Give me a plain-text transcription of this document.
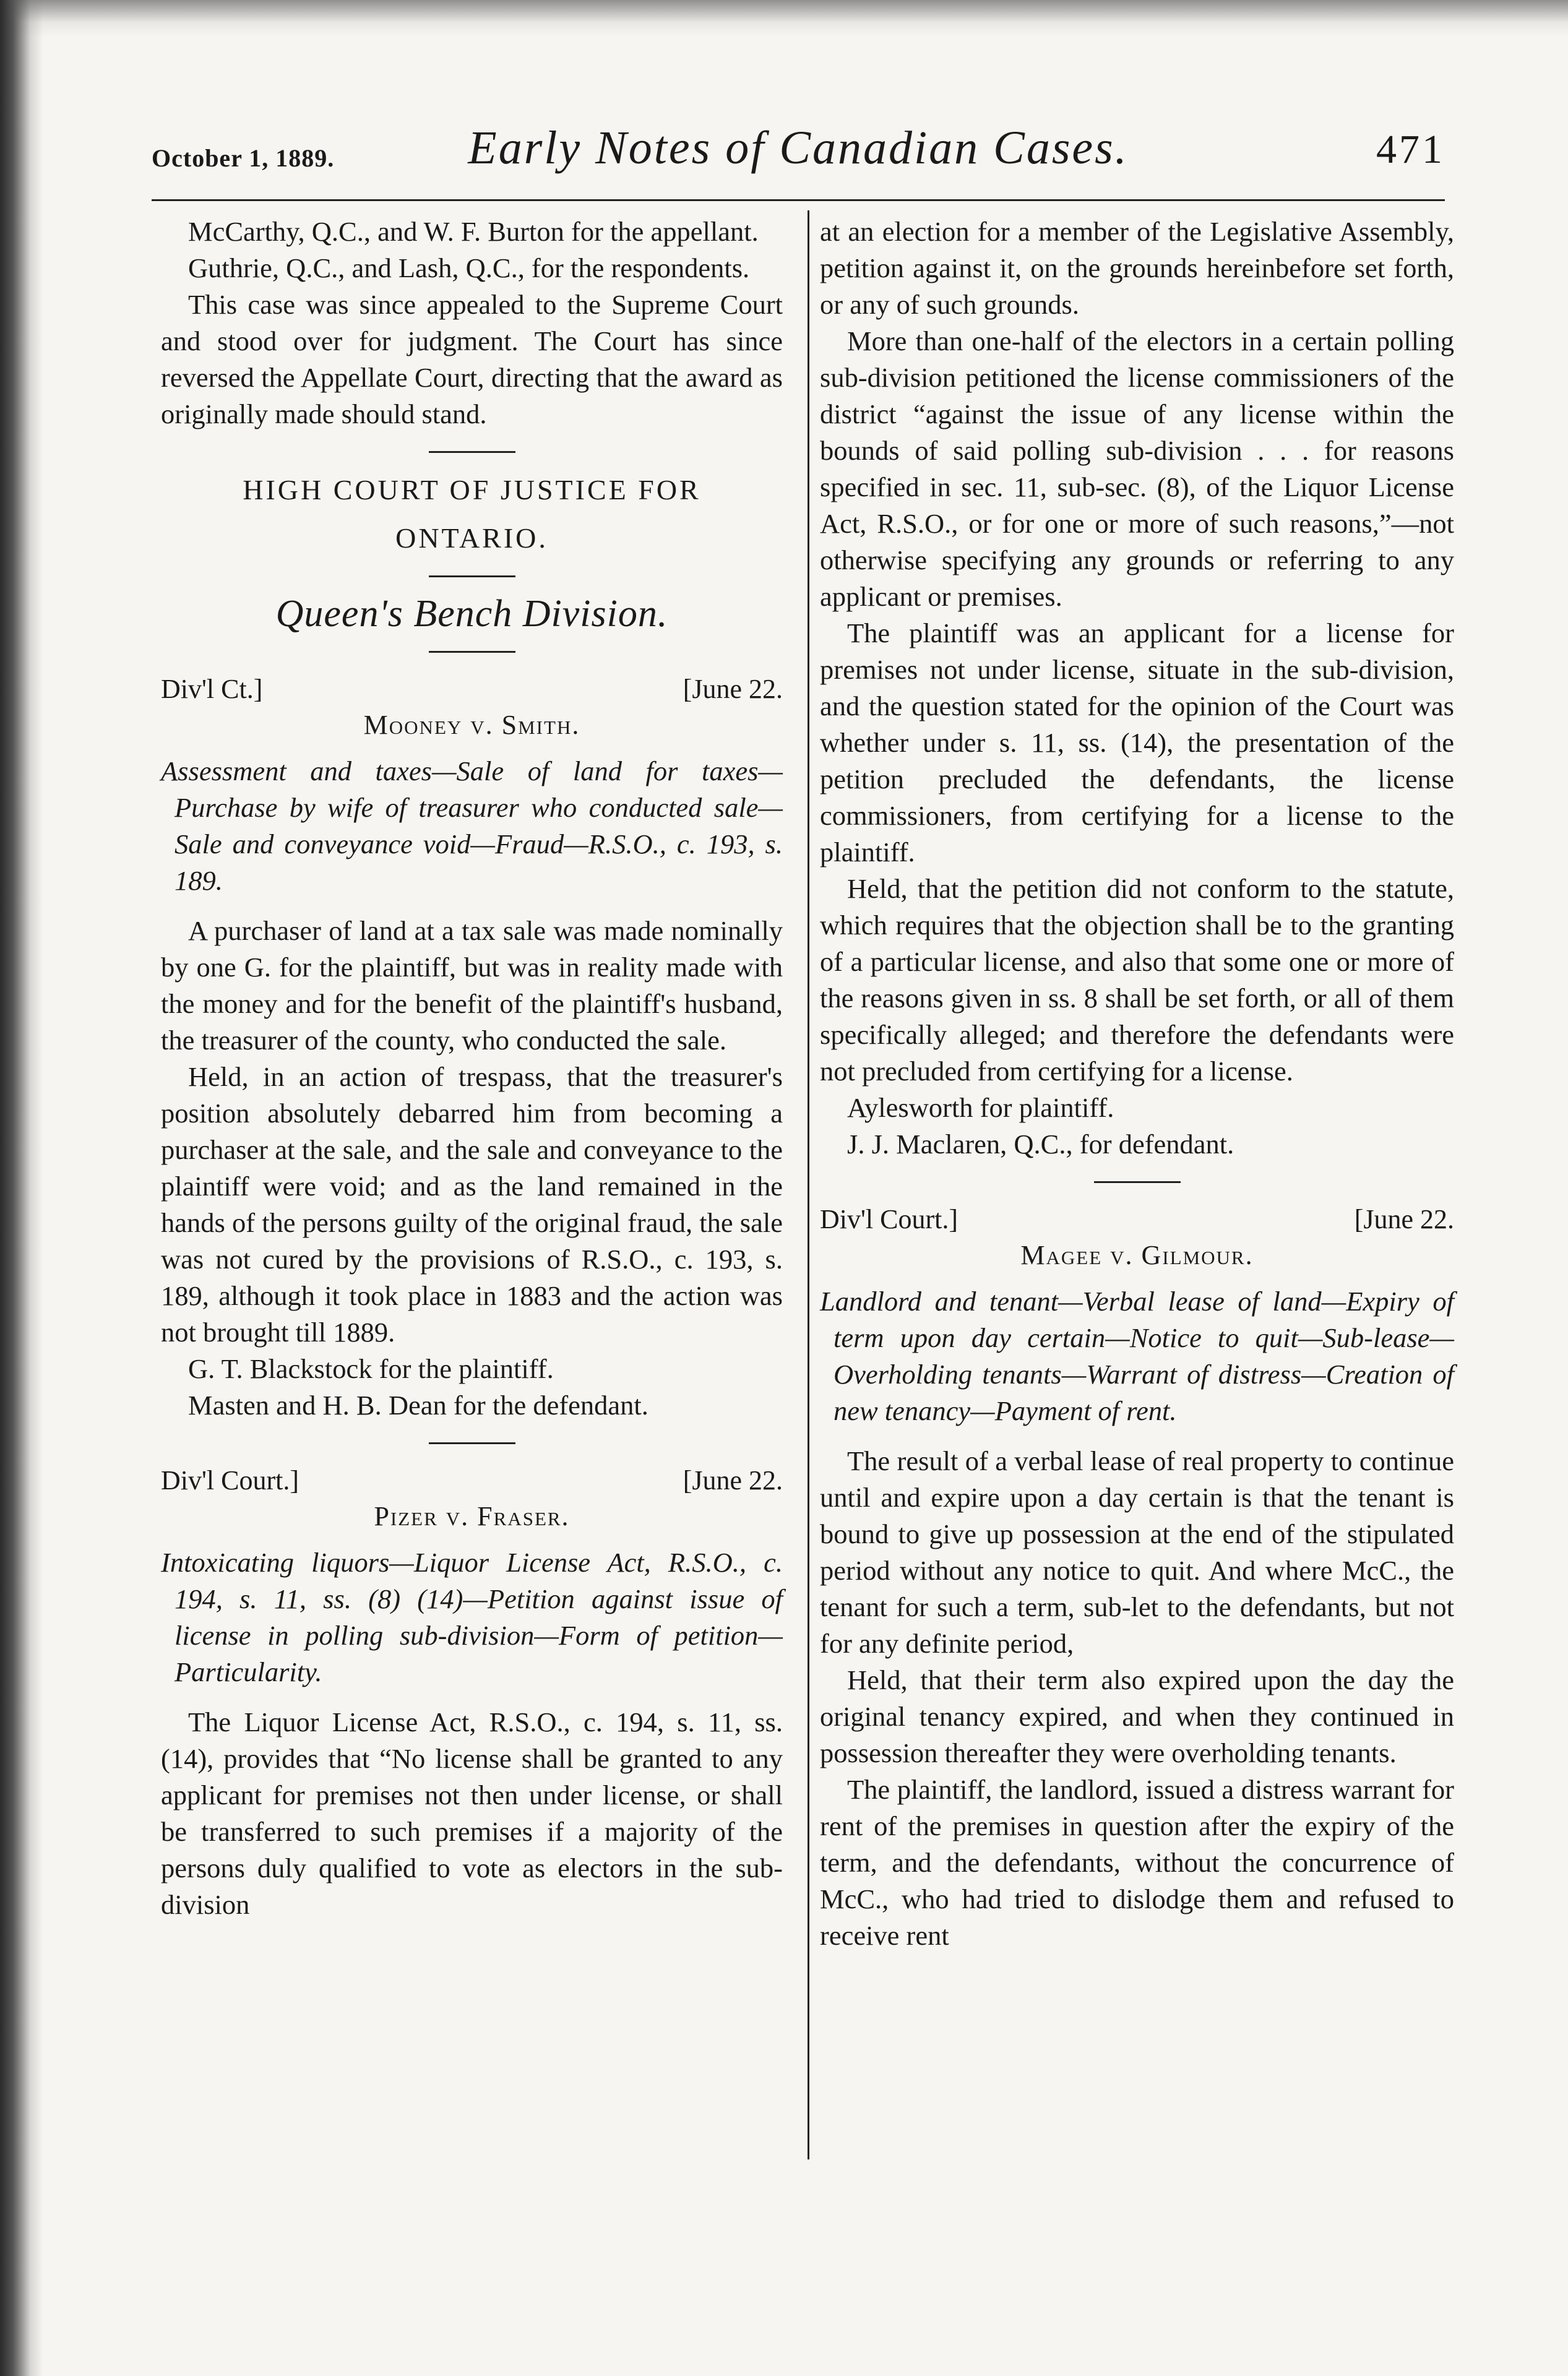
October 1, 1889.	Early Notes of Canadian Cases.	471

McCarthy, Q.C., and W. F. Burton for the appellant.

Guthrie, Q.C., and Lash, Q.C., for the respondents.

This case was since appealed to the Supreme Court and stood over for judgment. The Court has since reversed the Appellate Court, directing that the award as originally made should stand.

HIGH COURT OF JUSTICE FOR
ONTARIO.
Queen's Bench Division.
Div'l Ct.]	[June 22.
Mooney v. Smith.
Assessment and taxes—Sale of land for taxes—Purchase by wife of treasurer who conducted sale—Sale and conveyance void—Fraud—R.S.O., c. 193, s. 189.

A purchaser of land at a tax sale was made nominally by one G. for the plaintiff, but was in reality made with the money and for the benefit of the plaintiff's husband, the treasurer of the county, who conducted the sale.

Held, in an action of trespass, that the treasurer's position absolutely debarred him from becoming a purchaser at the sale, and the sale and conveyance to the plaintiff were void; and as the land remained in the hands of the persons guilty of the original fraud, the sale was not cured by the provisions of R.S.O., c. 193, s. 189, although it took place in 1883 and the action was not brought till 1889.

G. T. Blackstock for the plaintiff.

Masten and H. B. Dean for the defendant.

Div'l Court.]	[June 22.
Pizer v. Fraser.
Intoxicating liquors—Liquor License Act, R.S.O., c. 194, s. 11, ss. (8) (14)—Petition against issue of license in polling sub-division—Form of petition—Particularity.

The Liquor License Act, R.S.O., c. 194, s. 11, ss. (14), provides that “No license shall be granted to any applicant for premises not then under license, or shall be transferred to such premises if a majority of the persons duly qualified to vote as electors in the sub-division

at an election for a member of the Legislative Assembly, petition against it, on the grounds hereinbefore set forth, or any of such grounds.

More than one-half of the electors in a certain polling sub-division petitioned the license commissioners of the district “against the issue of any license within the bounds of said polling sub-division . . . for reasons specified in sec. 11, sub-sec. (8), of the Liquor License Act, R.S.O., or for one or more of such reasons,”—not otherwise specifying any grounds or referring to any applicant or premises.

The plaintiff was an applicant for a license for premises not under license, situate in the sub-division, and the question stated for the opinion of the Court was whether under s. 11, ss. (14), the presentation of the petition precluded the defendants, the license commissioners, from certifying for a license to the plaintiff.

Held, that the petition did not conform to the statute, which requires that the objection shall be to the granting of a particular license, and also that some one or more of the reasons given in ss. 8 shall be set forth, or all of them specifically alleged; and therefore the defendants were not precluded from certifying for a license.

Aylesworth for plaintiff.

J. J. Maclaren, Q.C., for defendant.

Div'l Court.]	[June 22.
Magee v. Gilmour.
Landlord and tenant—Verbal lease of land—Expiry of term upon day certain—Notice to quit—Sub-lease—Overholding tenants—Warrant of distress—Creation of new tenancy—Payment of rent.

The result of a verbal lease of real property to continue until and expire upon a day certain is that the tenant is bound to give up possession at the end of the stipulated period without any notice to quit. And where McC., the tenant for such a term, sub-let to the defendants, but not for any definite period,

Held, that their term also expired upon the day the original tenancy expired, and when they continued in possession thereafter they were overholding tenants.

The plaintiff, the landlord, issued a distress warrant for rent of the premises in question after the expiry of the term, and the defendants, without the concurrence of McC., who had tried to dislodge them and refused to receive rent
